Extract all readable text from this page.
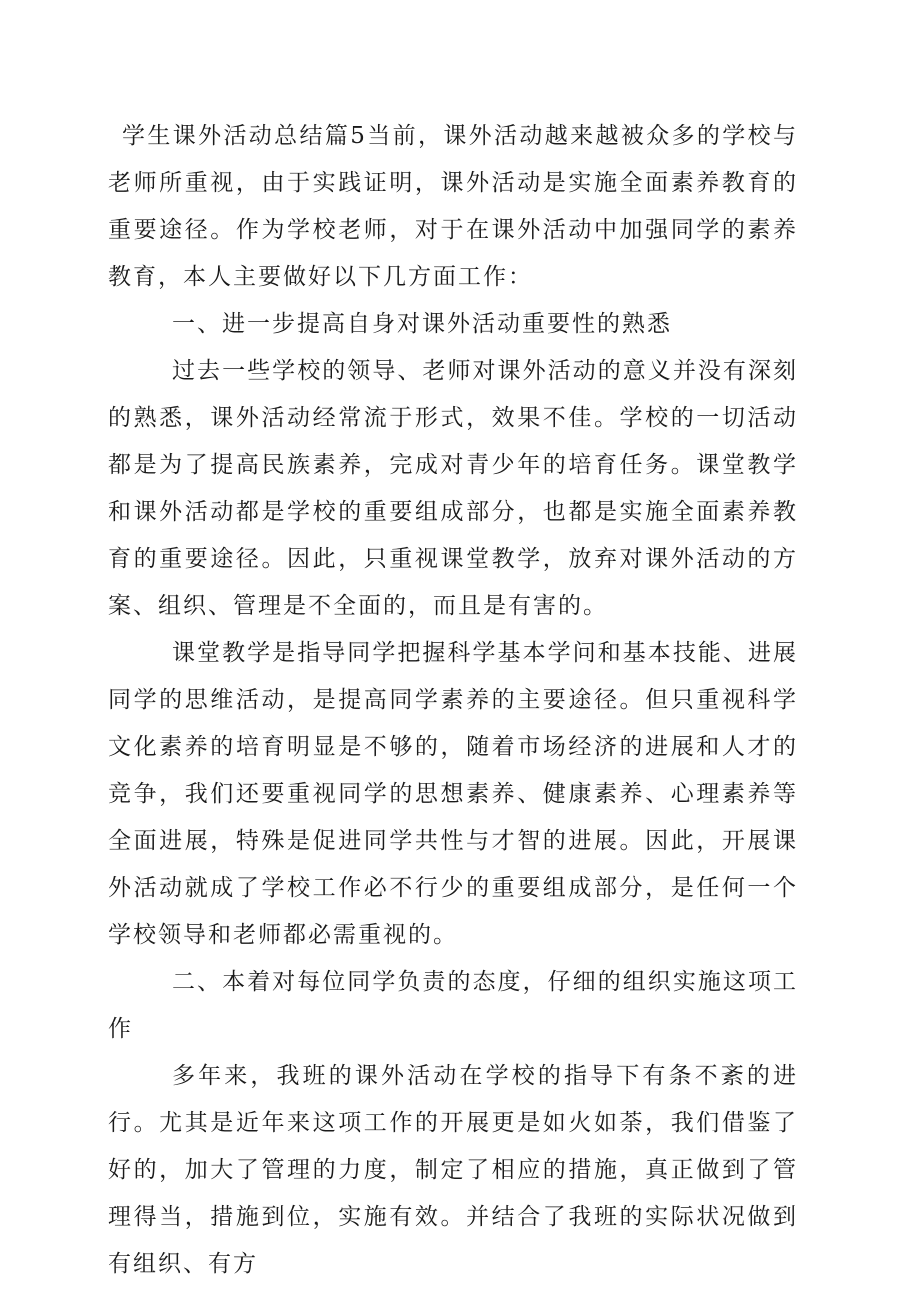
学生课外活动总结篇5当前，课外活动越来越被众多的学校与老师所重视，由于实践证明，课外活动是实施全面素养教育的重要途径。作为学校老师，对于在课外活动中加强同学的素养教育，本人主要做好以下几方面工作：

一、进一步提高自身对课外活动重要性的熟悉

过去一些学校的领导、老师对课外活动的意义并没有深刻的熟悉，课外活动经常流于形式，效果不佳。学校的一切活动都是为了提高民族素养，完成对青少年的培育任务。课堂教学和课外活动都是学校的重要组成部分，也都是实施全面素养教育的重要途径。因此，只重视课堂教学，放弃对课外活动的方案、组织、管理是不全面的，而且是有害的。

课堂教学是指导同学把握科学基本学问和基本技能、进展同学的思维活动，是提高同学素养的主要途径。但只重视科学文化素养的培育明显是不够的，随着市场经济的进展和人才的竞争，我们还要重视同学的思想素养、健康素养、心理素养等全面进展，特殊是促进同学共性与才智的进展。因此，开展课外活动就成了学校工作必不行少的重要组成部分，是任何一个学校领导和老师都必需重视的。

二、本着对每位同学负责的态度，仔细的组织实施这项工作

多年来，我班的课外活动在学校的指导下有条不紊的进行。尤其是近年来这项工作的开展更是如火如荼，我们借鉴了好的，加大了管理的力度，制定了相应的措施，真正做到了管理得当，措施到位，实施有效。并结合了我班的实际状况做到有组织、有方
